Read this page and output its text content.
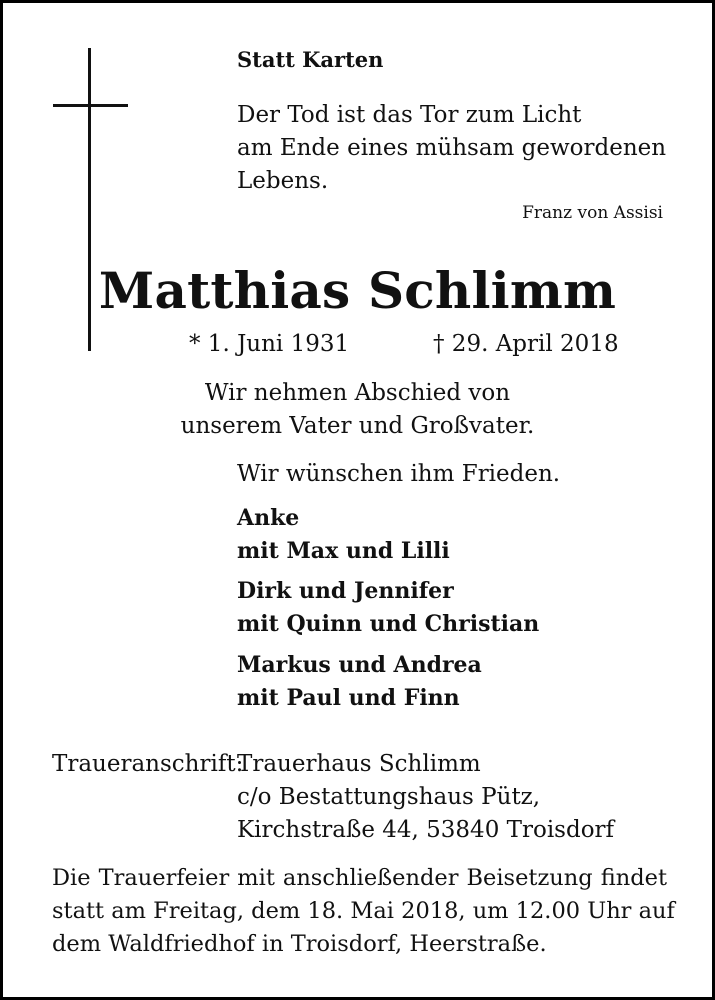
Statt Karten
Der Tod ist das Tor zum Licht
am Ende eines mühsam gewordenen
Lebens.
Franz von Assisi
Matthias Schlimm
* 1. Juni 1931	† 29. April 2018
Wir nehmen Abschied von
unserem Vater und Großvater.
Wir wünschen ihm Frieden.
Anke
mit Max und Lilli
Dirk und Jennifer
mit Quinn und Christian
Markus und Andrea
mit Paul und Finn
Traueranschrift:
Trauerhaus Schlimm
c/o Bestattungshaus Pütz,
Kirchstraße 44, 53840 Troisdorf
Die Trauerfeier mit anschließender Beisetzung findet
statt am Freitag, dem 18. Mai 2018, um 12.00 Uhr auf
dem Waldfriedhof in Troisdorf, Heerstraße.
